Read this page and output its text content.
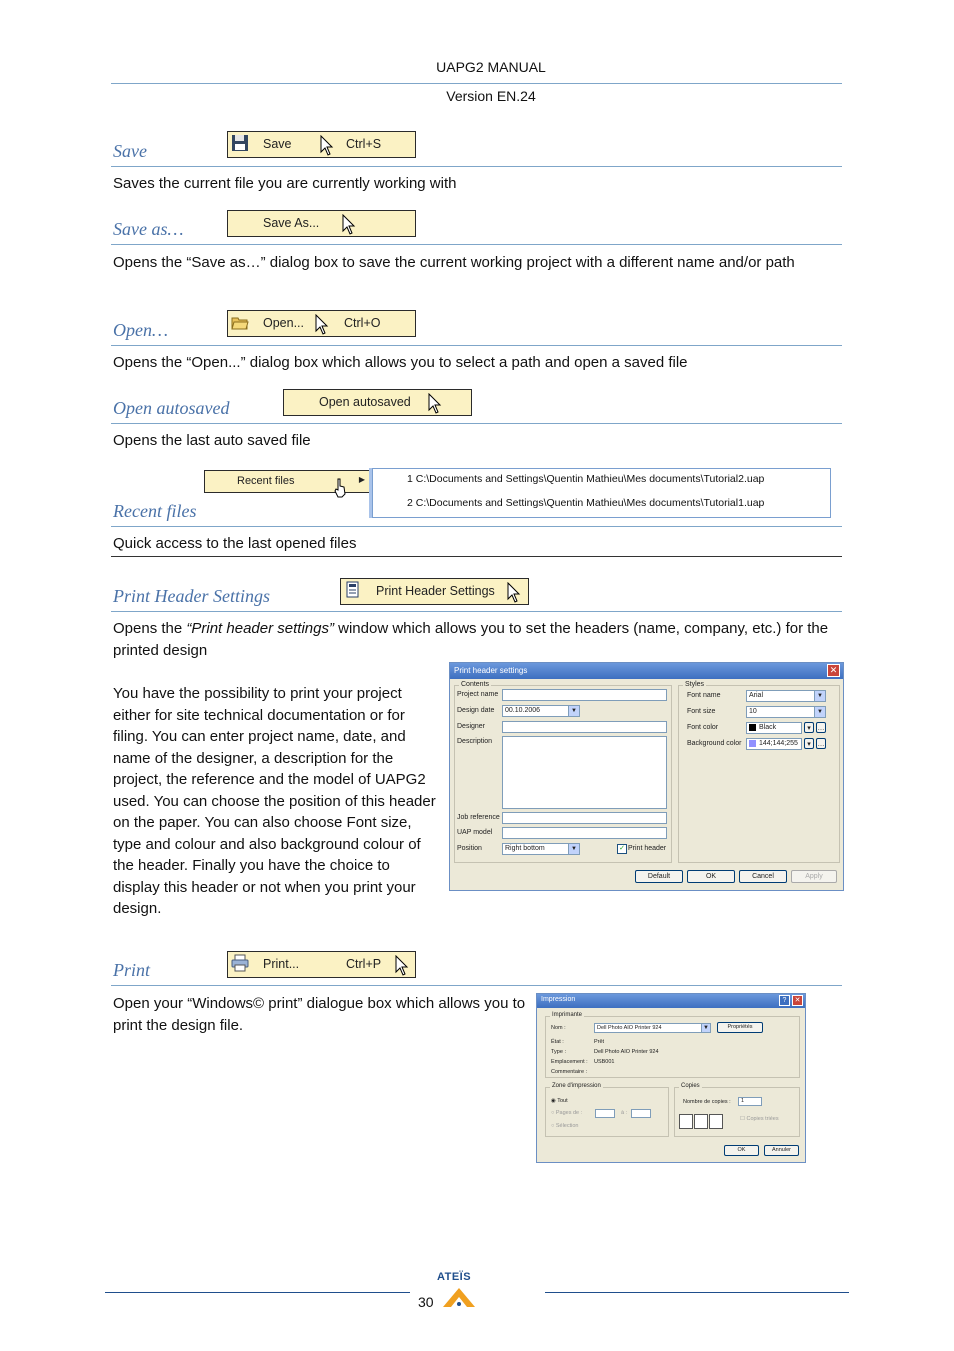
UAPG2 MANUAL
Version EN.24
Save	Save	Ctrl+S
Saves the current file you are currently working with
Save as…	Save As...
Opens the “Save as…” dialog box to save the current working project with a different name and/or path
Open…	Open...	Ctrl+O
Opens the “Open...” dialog box which allows you to select a path and open a saved file
Open autosaved	Open autosaved
Opens the last auto saved file
Recent files
Recent files	▶	1 C:\Documents and Settings\Quentin Mathieu\Mes documents\Tutorial2.uap
2 C:\Documents and Settings\Quentin Mathieu\Mes documents\Tutorial1.uap
Quick access to the last opened files
Print Header Settings	Print Header Settings
Opens the “Print header settings” window which allows you to set the headers (name, company, etc.) for the printed design
You have the possibility to print your project either for site technical documentation or for filing. You can enter project name, date, and name of the designer, a description for the project, the reference and the model of UAPG2 used. You can choose the position of this header on the paper. You can also choose Font size, type and colour and also background colour of the header. Finally you have the choice to display this header or not when you print your design.
Print header settings	✕
Contents
Project name
Design date	00.10.2006	▼
Designer
Description
Job reference
UAP model
Position	Right bottom	▼	✓ Print header
Styles
Font name	Arial	▼
Font size	10	▼
Font color	Black	▾ …
Background color	144;144;255	▾ …
Default	OK	Cancel	Apply
Print	Print...	Ctrl+P
Open your “Windows© print” dialogue box which allows you to print the design file.
Impression	?	✕
Imprimante
Nom :	Dell Photo AIO Printer 924	▼	Propriétés
État :	Prêt
Type :	Dell Photo AIO Printer 924
Emplacement : USB001
Commentaire :
Zone d'impression
◉ Tout
○ Pages de :	à :
○ Sélection
Copies
Nombre de copies :	1
☐ Copies triées
OK	Annuler
ATEÏS
30
